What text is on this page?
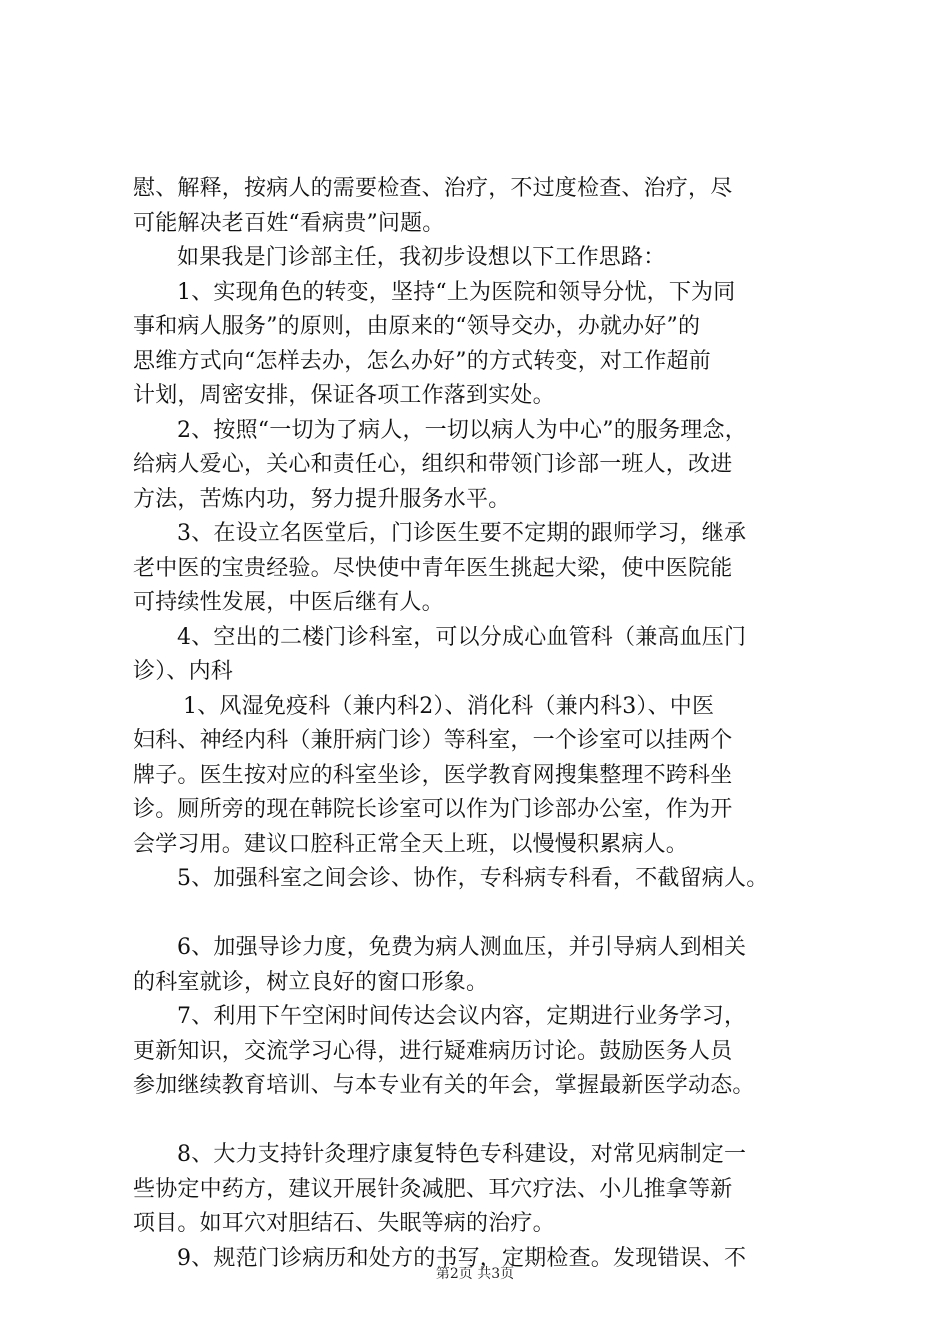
慰、解释，按病人的需要检查、治疗，不过度检查、治疗，尽
可能解决老百姓“看病贵”问题。
如果我是门诊部主任，我初步设想以下工作思路：
1、实现角色的转变，坚持“上为医院和领导分忧，下为同
事和病人服务”的原则，由原来的“领导交办，办就办好”的
思维方式向“怎样去办，怎么办好”的方式转变，对工作超前
计划，周密安排，保证各项工作落到实处。
2、按照“一切为了病人，一切以病人为中心”的服务理念，
给病人爱心，关心和责任心，组织和带领门诊部一班人，改进
方法，苦炼内功，努力提升服务水平。
3、在设立名医堂后，门诊医生要不定期的跟师学习，继承
老中医的宝贵经验。尽快使中青年医生挑起大梁，使中医院能
可持续性发展，中医后继有人。
4、空出的二楼门诊科室，可以分成心血管科（兼高血压门
诊）、内科
1、风湿免疫科（兼内科2）、消化科（兼内科3）、中医
妇科、神经内科（兼肝病门诊）等科室，一个诊室可以挂两个
牌子。医生按对应的科室坐诊，医学教育网搜集整理不跨科坐
诊。厕所旁的现在韩院长诊室可以作为门诊部办公室，作为开
会学习用。建议口腔科正常全天上班，以慢慢积累病人。
5、加强科室之间会诊、协作，专科病专科看，不截留病人。
6、加强导诊力度，免费为病人测血压，并引导病人到相关
的科室就诊，树立良好的窗口形象。
7、利用下午空闲时间传达会议内容，定期进行业务学习，
更新知识，交流学习心得，进行疑难病历讨论。鼓励医务人员
参加继续教育培训、与本专业有关的年会，掌握最新医学动态。
8、大力支持针灸理疗康复特色专科建设，对常见病制定一
些协定中药方，建议开展针灸减肥、耳穴疗法、小儿推拿等新
项目。如耳穴对胆结石、失眠等病的治疗。
9、规范门诊病历和处方的书写，定期检查。发现错误、不
第2页 共3页
